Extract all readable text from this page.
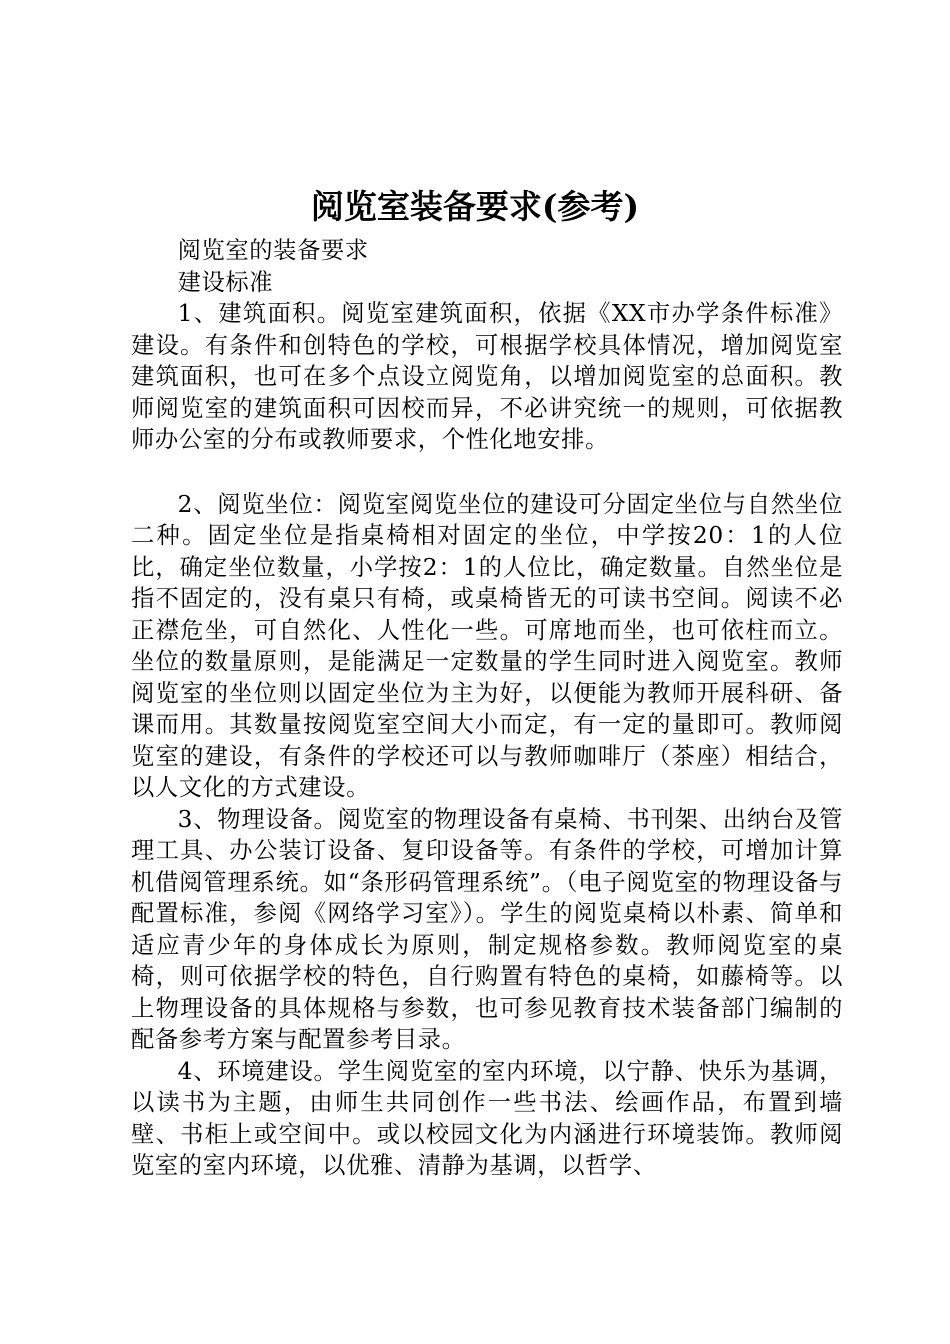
阅览室装备要求(参考)

阅览室的装备要求

建设标准

1、建筑面积。阅览室建筑面积，依据《XX市办学条件标准》建设。有条件和创特色的学校，可根据学校具体情况，增加阅览室建筑面积，也可在多个点设立阅览角，以增加阅览室的总面积。教师阅览室的建筑面积可因校而异，不必讲究统一的规则，可依据教师办公室的分布或教师要求，个性化地安排。

2、阅览坐位：阅览室阅览坐位的建设可分固定坐位与自然坐位二种。固定坐位是指桌椅相对固定的坐位，中学按20：1的人位比，确定坐位数量，小学按2：1的人位比，确定数量。自然坐位是指不固定的，没有桌只有椅，或桌椅皆无的可读书空间。阅读不必正襟危坐，可自然化、人性化一些。可席地而坐，也可依柱而立。坐位的数量原则，是能满足一定数量的学生同时进入阅览室。教师阅览室的坐位则以固定坐位为主为好，以便能为教师开展科研、备课而用。其数量按阅览室空间大小而定，有一定的量即可。教师阅览室的建设，有条件的学校还可以与教师咖啡厅（茶座）相结合，以人文化的方式建设。

3、物理设备。阅览室的物理设备有桌椅、书刊架、出纳台及管理工具、办公装订设备、复印设备等。有条件的学校，可增加计算机借阅管理系统。如“条形码管理系统”。（电子阅览室的物理设备与配置标准，参阅《网络学习室》）。学生的阅览桌椅以朴素、简单和适应青少年的身体成长为原则，制定规格参数。教师阅览室的桌椅，则可依据学校的特色，自行购置有特色的桌椅，如藤椅等。以上物理设备的具体规格与参数，也可参见教育技术装备部门编制的配备参考方案与配置参考目录。

4、环境建设。学生阅览室的室内环境，以宁静、快乐为基调，以读书为主题，由师生共同创作一些书法、绘画作品，布置到墙壁、书柜上或空间中。或以校园文化为内涵进行环境装饰。教师阅览室的室内环境，以优雅、清静为基调，以哲学、
